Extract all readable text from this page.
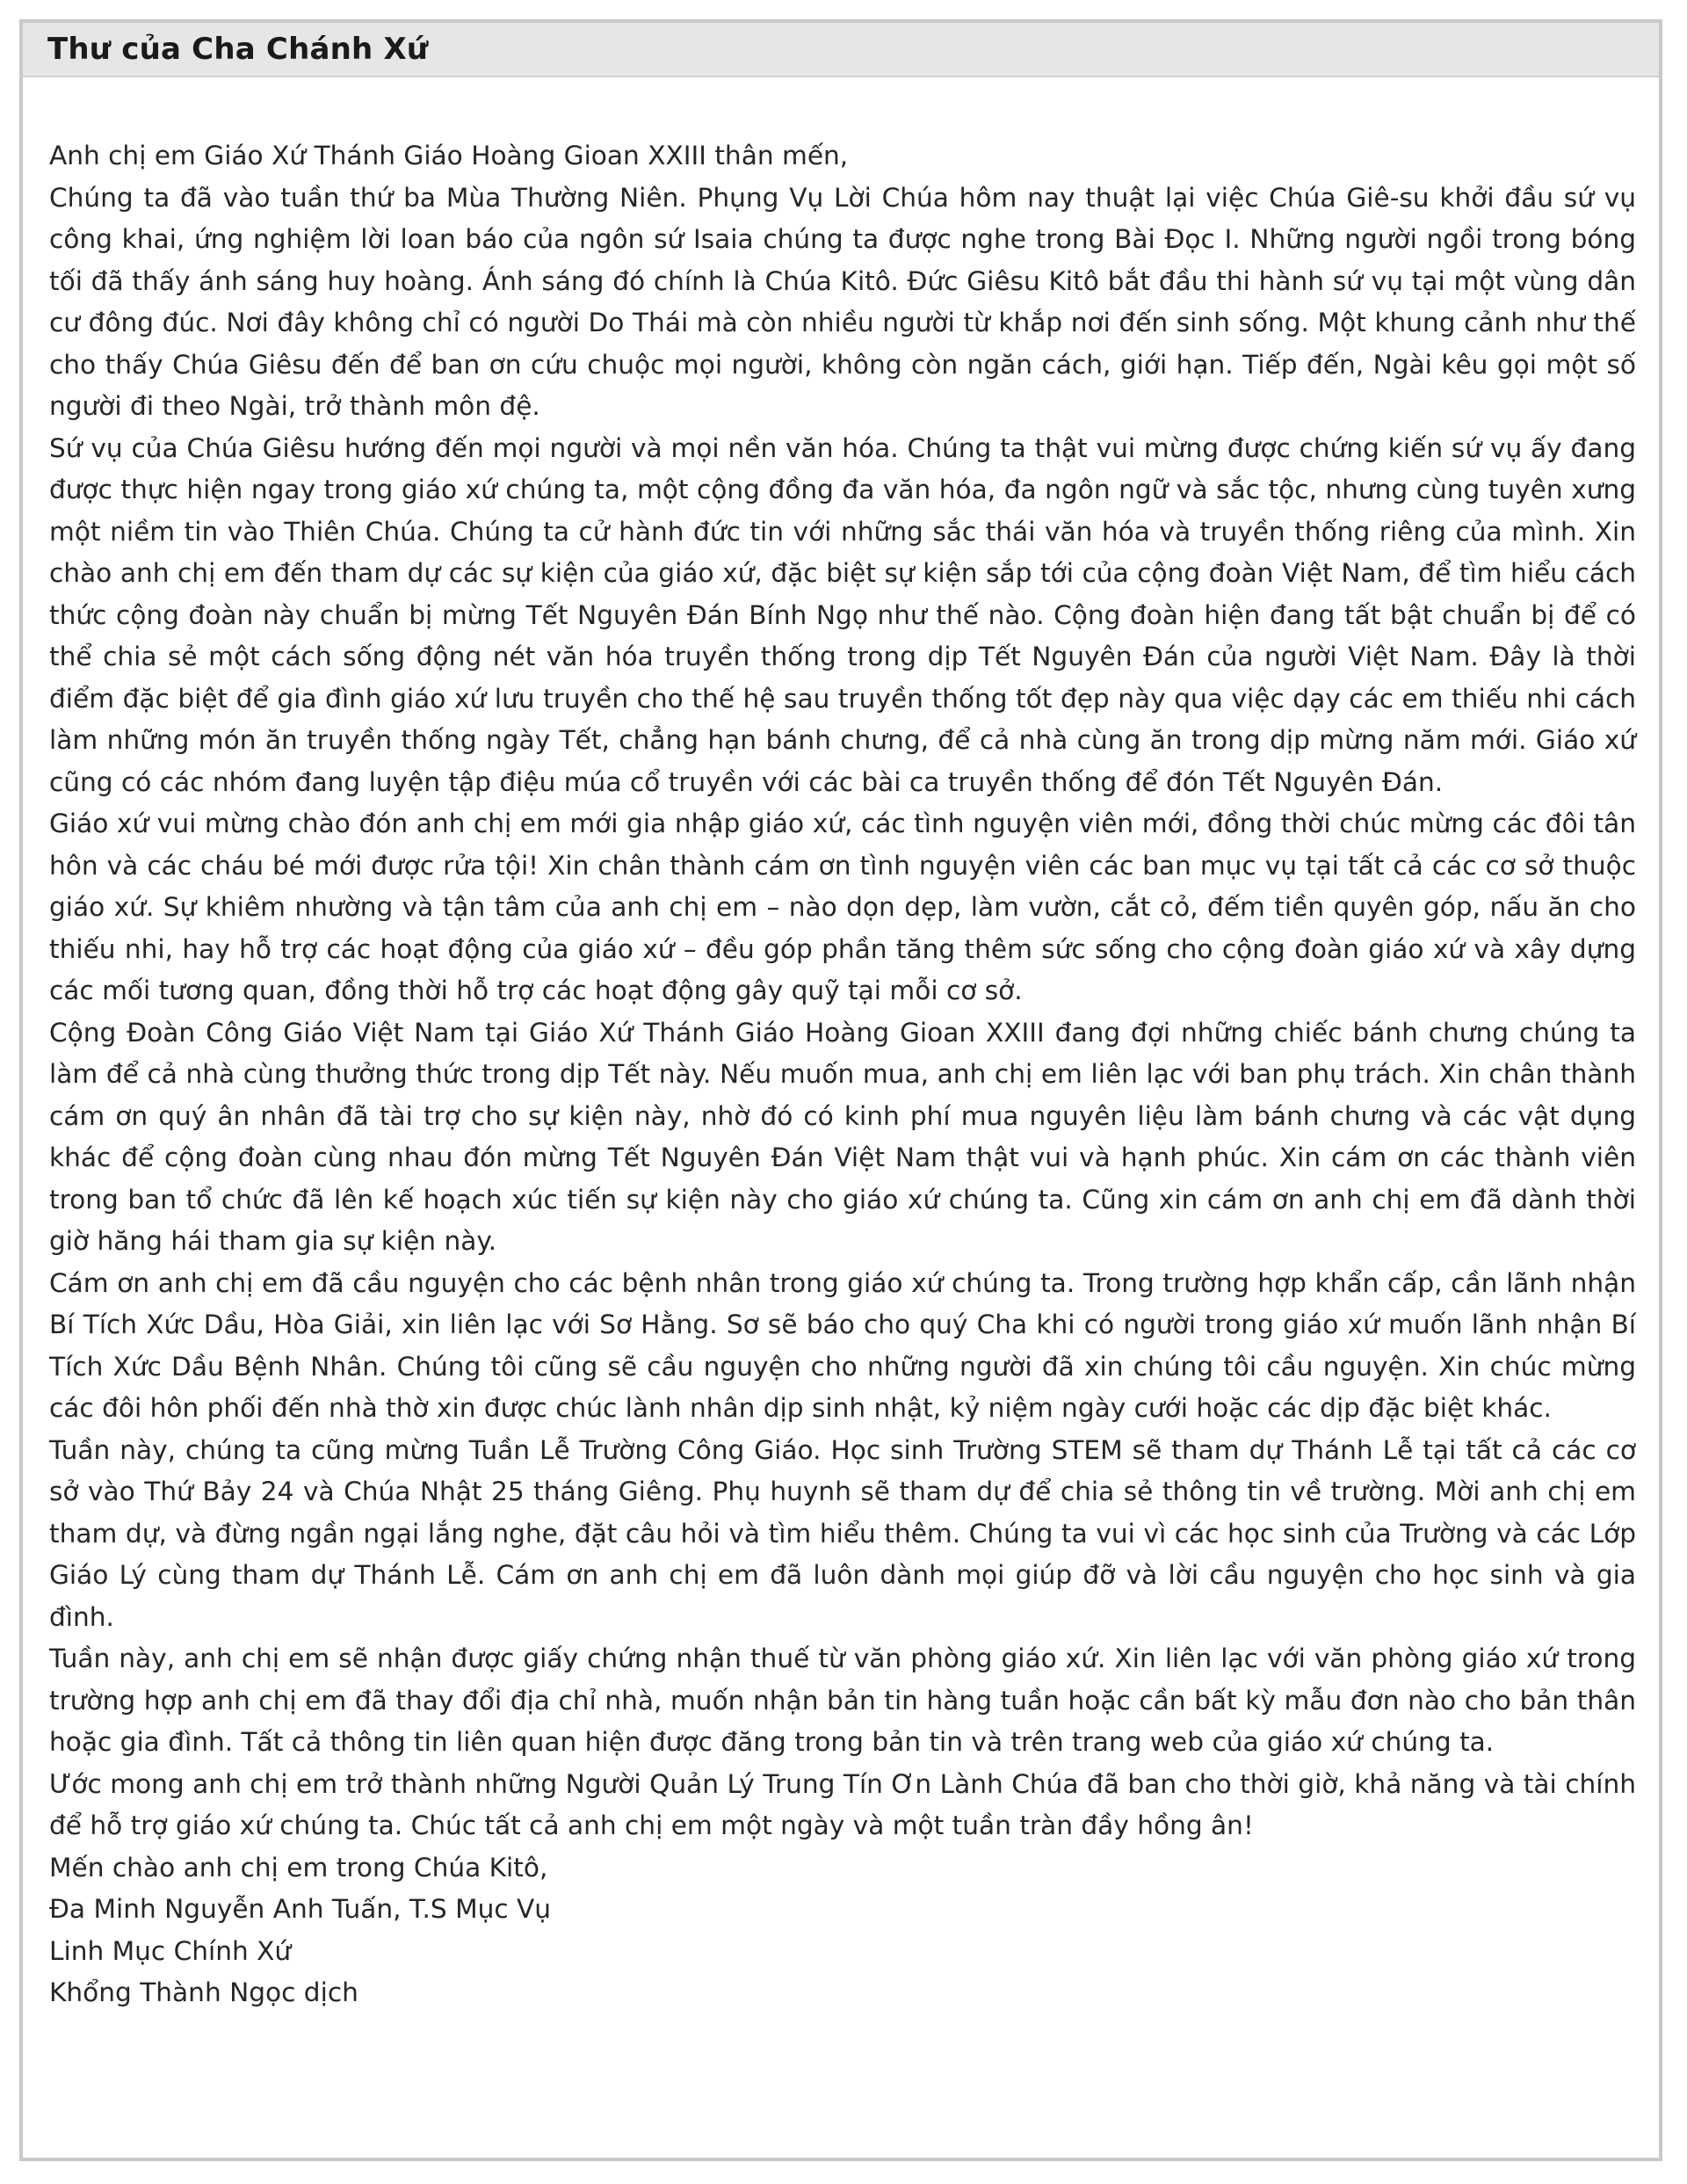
Thư của Cha Chánh Xứ

Anh chị em Giáo Xứ Thánh Giáo Hoàng Gioan XXIII thân mến,

Chúng ta đã vào tuần thứ ba Mùa Thường Niên. Phụng Vụ Lời Chúa hôm nay thuật lại việc Chúa Giê-su khởi đầu sứ vụ công khai, ứng nghiệm lời loan báo của ngôn sứ Isaia chúng ta được nghe trong Bài Đọc I. Những người ngồi trong bóng tối đã thấy ánh sáng huy hoàng. Ánh sáng đó chính là Chúa Kitô. Đức Giêsu Kitô bắt đầu thi hành sứ vụ tại một vùng dân cư đông đúc. Nơi đây không chỉ có người Do Thái mà còn nhiều người từ khắp nơi đến sinh sống. Một khung cảnh như thế cho thấy Chúa Giêsu đến để ban ơn cứu chuộc mọi người, không còn ngăn cách, giới hạn. Tiếp đến, Ngài kêu gọi một số người đi theo Ngài, trở thành môn đệ.

Sứ vụ của Chúa Giêsu hướng đến mọi người và mọi nền văn hóa. Chúng ta thật vui mừng được chứng kiến sứ vụ ấy đang được thực hiện ngay trong giáo xứ chúng ta, một cộng đồng đa văn hóa, đa ngôn ngữ và sắc tộc, nhưng cùng tuyên xưng một niềm tin vào Thiên Chúa. Chúng ta cử hành đức tin với những sắc thái văn hóa và truyền thống riêng của mình. Xin chào anh chị em đến tham dự các sự kiện của giáo xứ, đặc biệt sự kiện sắp tới của cộng đoàn Việt Nam, để tìm hiểu cách thức cộng đoàn này chuẩn bị mừng Tết Nguyên Đán Bính Ngọ như thế nào. Cộng đoàn hiện đang tất bật chuẩn bị để có thể chia sẻ một cách sống động nét văn hóa truyền thống trong dịp Tết Nguyên Đán của người Việt Nam. Đây là thời điểm đặc biệt để gia đình giáo xứ lưu truyền cho thế hệ sau truyền thống tốt đẹp này qua việc dạy các em thiếu nhi cách làm những món ăn truyền thống ngày Tết, chẳng hạn bánh chưng, để cả nhà cùng ăn trong dịp mừng năm mới. Giáo xứ cũng có các nhóm đang luyện tập điệu múa cổ truyền với các bài ca truyền thống để đón Tết Nguyên Đán.

Giáo xứ vui mừng chào đón anh chị em mới gia nhập giáo xứ, các tình nguyện viên mới, đồng thời chúc mừng các đôi tân hôn và các cháu bé mới được rửa tội! Xin chân thành cám ơn tình nguyện viên các ban mục vụ tại tất cả các cơ sở thuộc giáo xứ. Sự khiêm nhường và tận tâm của anh chị em – nào dọn dẹp, làm vườn, cắt cỏ, đếm tiền quyên góp, nấu ăn cho thiếu nhi, hay hỗ trợ các hoạt động của giáo xứ – đều góp phần tăng thêm sức sống cho cộng đoàn giáo xứ và xây dựng các mối tương quan, đồng thời hỗ trợ các hoạt động gây quỹ tại mỗi cơ sở.

Cộng Đoàn Công Giáo Việt Nam tại Giáo Xứ Thánh Giáo Hoàng Gioan XXIII đang đợi những chiếc bánh chưng chúng ta làm để cả nhà cùng thưởng thức trong dịp Tết này. Nếu muốn mua, anh chị em liên lạc với ban phụ trách. Xin chân thành cám ơn quý ân nhân đã tài trợ cho sự kiện này, nhờ đó có kinh phí mua nguyên liệu làm bánh chưng và các vật dụng khác để cộng đoàn cùng nhau đón mừng Tết Nguyên Đán Việt Nam thật vui và hạnh phúc. Xin cám ơn các thành viên trong ban tổ chức đã lên kế hoạch xúc tiến sự kiện này cho giáo xứ chúng ta. Cũng xin cám ơn anh chị em đã dành thời giờ hăng hái tham gia sự kiện này.

Cám ơn anh chị em đã cầu nguyện cho các bệnh nhân trong giáo xứ chúng ta. Trong trường hợp khẩn cấp, cần lãnh nhận Bí Tích Xức Dầu, Hòa Giải, xin liên lạc với Sơ Hằng. Sơ sẽ báo cho quý Cha khi có người trong giáo xứ muốn lãnh nhận Bí Tích Xức Dầu Bệnh Nhân. Chúng tôi cũng sẽ cầu nguyện cho những người đã xin chúng tôi cầu nguyện. Xin chúc mừng các đôi hôn phối đến nhà thờ xin được chúc lành nhân dịp sinh nhật, kỷ niệm ngày cưới hoặc các dịp đặc biệt khác.

Tuần này, chúng ta cũng mừng Tuần Lễ Trường Công Giáo. Học sinh Trường STEM sẽ tham dự Thánh Lễ tại tất cả các cơ sở vào Thứ Bảy 24 và Chúa Nhật 25 tháng Giêng. Phụ huynh sẽ tham dự để chia sẻ thông tin về trường. Mời anh chị em tham dự, và đừng ngần ngại lắng nghe, đặt câu hỏi và tìm hiểu thêm. Chúng ta vui vì các học sinh của Trường và các Lớp Giáo Lý cùng tham dự Thánh Lễ. Cám ơn anh chị em đã luôn dành mọi giúp đỡ và lời cầu nguyện cho học sinh và gia đình.

Tuần này, anh chị em sẽ nhận được giấy chứng nhận thuế từ văn phòng giáo xứ. Xin liên lạc với văn phòng giáo xứ trong trường hợp anh chị em đã thay đổi địa chỉ nhà, muốn nhận bản tin hàng tuần hoặc cần bất kỳ mẫu đơn nào cho bản thân hoặc gia đình. Tất cả thông tin liên quan hiện được đăng trong bản tin và trên trang web của giáo xứ chúng ta.

Ước mong anh chị em trở thành những Người Quản Lý Trung Tín Ơn Lành Chúa đã ban cho thời giờ, khả năng và tài chính để hỗ trợ giáo xứ chúng ta. Chúc tất cả anh chị em một ngày và một tuần tràn đầy hồng ân!

Mến chào anh chị em trong Chúa Kitô,

Đa Minh Nguyễn Anh Tuấn, T.S Mục Vụ

Linh Mục Chính Xứ

Khổng Thành Ngọc dịch
